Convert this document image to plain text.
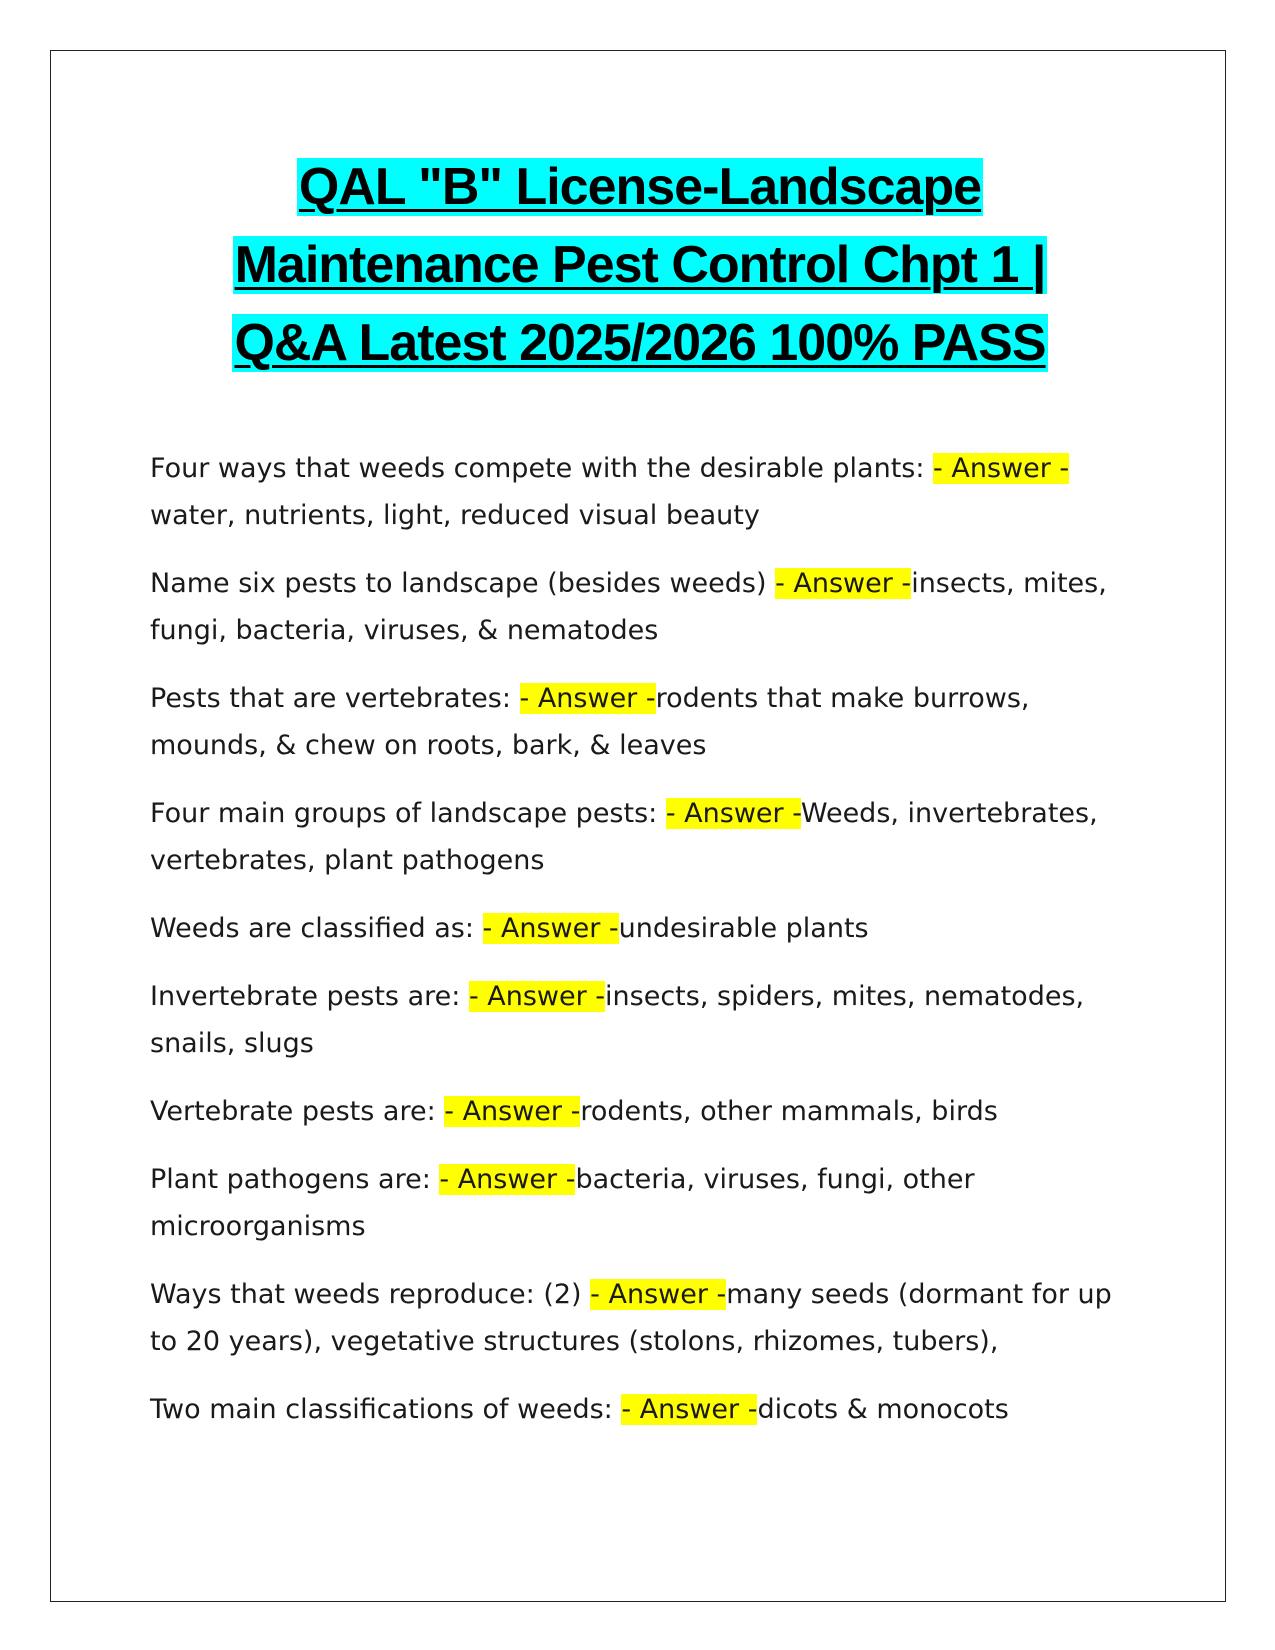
QAL "B" License-Landscape
Maintenance Pest Control Chpt 1 |
Q&A Latest 2025/2026 100% PASS
Four ways that weeds compete with the desirable plants: - Answer -
water, nutrients, light, reduced visual beauty
Name six pests to landscape (besides weeds) - Answer -insects, mites, fungi, bacteria, viruses, & nematodes
Pests that are vertebrates: - Answer -rodents that make burrows, mounds, & chew on roots, bark, & leaves
Four main groups of landscape pests: - Answer -Weeds, invertebrates, vertebrates, plant pathogens
Weeds are classified as: - Answer -undesirable plants
Invertebrate pests are: - Answer -insects, spiders, mites, nematodes, snails, slugs
Vertebrate pests are: - Answer -rodents, other mammals, birds
Plant pathogens are: - Answer -bacteria, viruses, fungi, other microorganisms
Ways that weeds reproduce: (2) - Answer -many seeds (dormant for up to 20 years), vegetative structures (stolons, rhizomes, tubers),
Two main classifications of weeds: - Answer -dicots & monocots
